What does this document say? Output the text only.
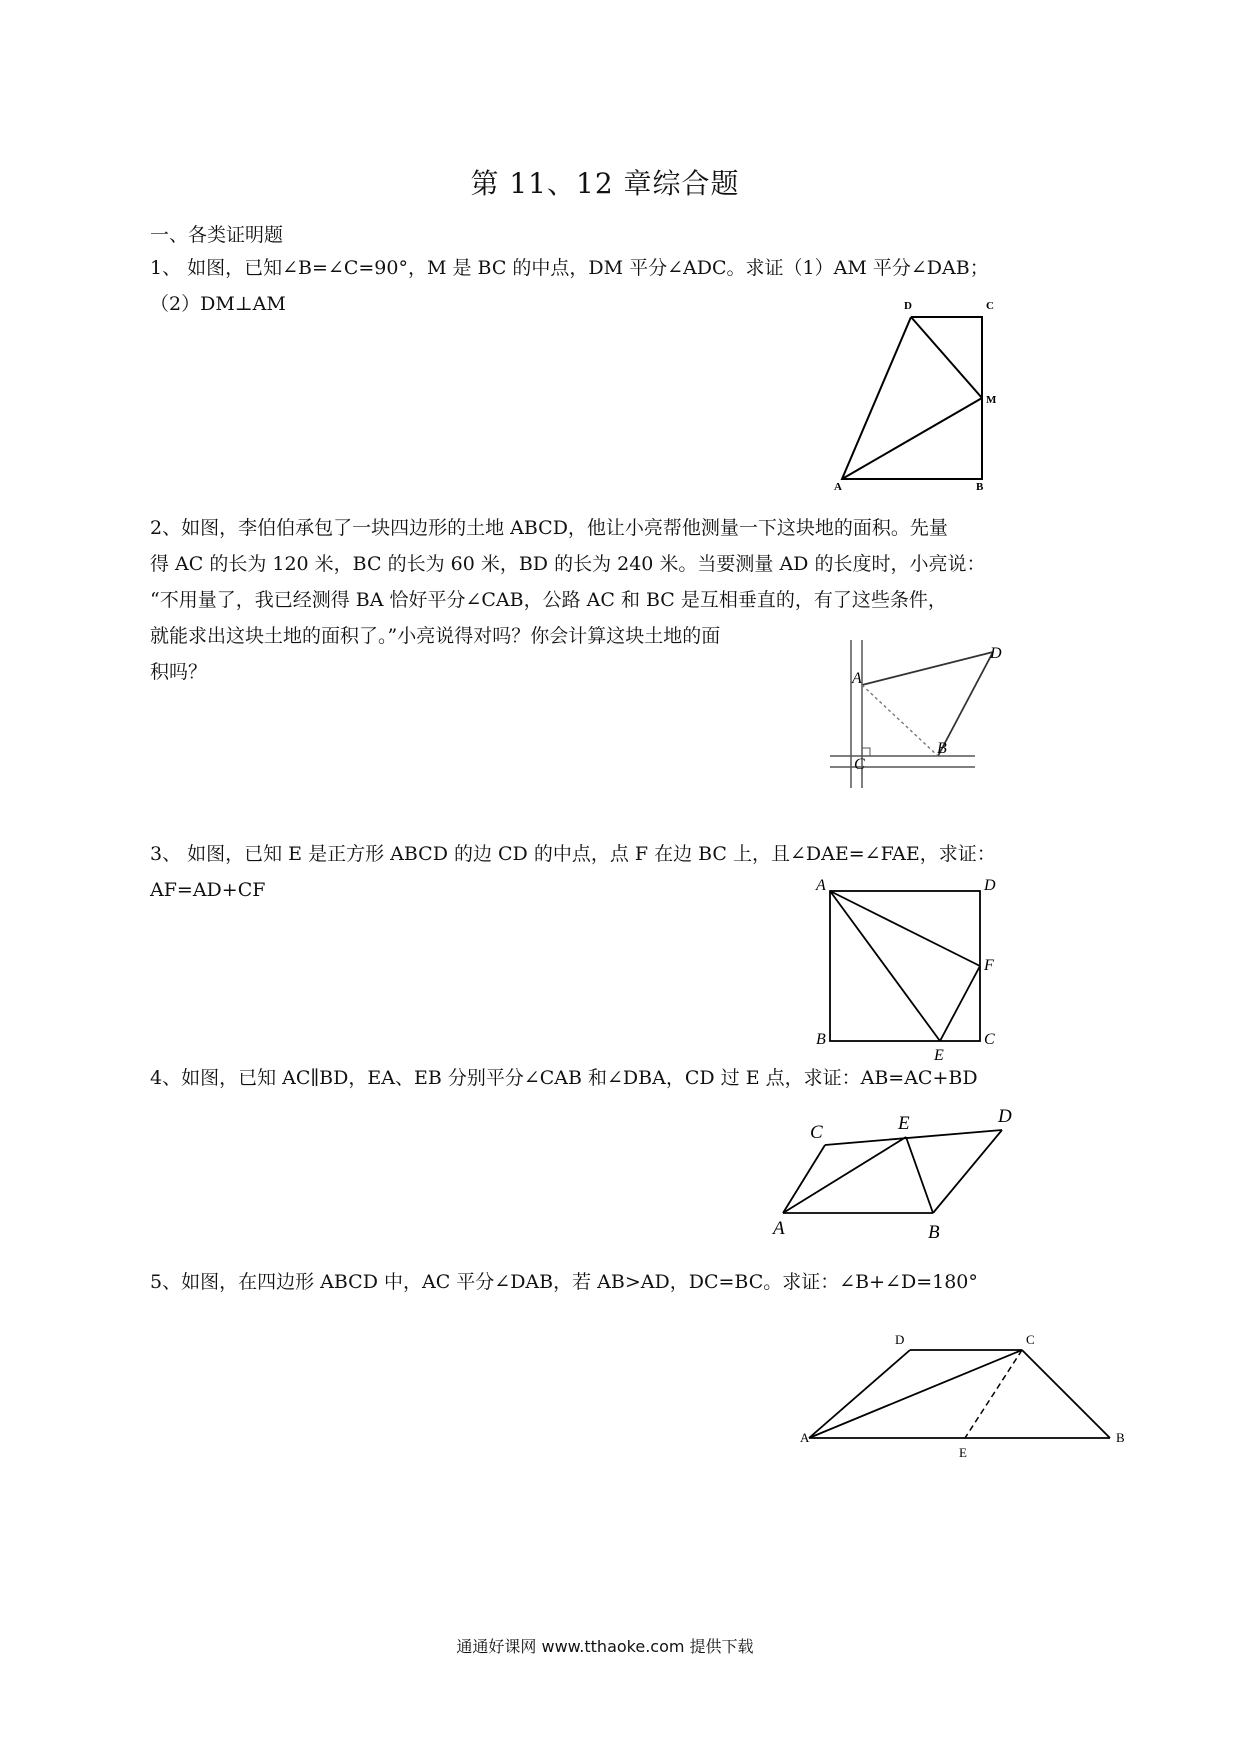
第 11、12 章综合题
一、各类证明题
1、 如图，已知∠B=∠C=90°，M 是 BC 的中点，DM 平分∠ADC。求证（1）AM 平分∠DAB；
（2）DM⊥AM	D	C
M
A	B
2、如图，李伯伯承包了一块四边形的土地 ABCD，他让小亮帮他测量一下这块地的面积。先量
得 AC 的长为 120 米，BC 的长为 60 米，BD 的长为 240 米。当要测量 AD 的长度时，小亮说：
“不用量了，我已经测得 BA 恰好平分∠CAB，公路 AC 和 BC 是互相垂直的，有了这些条件，
就能求出这块土地的面积了。”小亮说得对吗？你会计算这块土地的面
积吗？	A
D
B
C
3、 如图，已知 E 是正方形 ABCD 的边 CD 的中点，点 F 在边 BC 上，且∠DAE=∠FAE，求证：
AF=AD+CF	A	D
F
B
E
C
4、如图，已知 AC∥BD，EA、EB 分别平分∠CAB 和∠DBA，CD 过 E 点，求证：AB=AC+BD
C	E	D
A	B
5、如图，在四边形 ABCD 中，AC 平分∠DAB，若 AB>AD，DC=BC。求证：∠B+∠D=180°
D	C
A	B
E
通通好课网 www.tthaoke.com 提供下载
